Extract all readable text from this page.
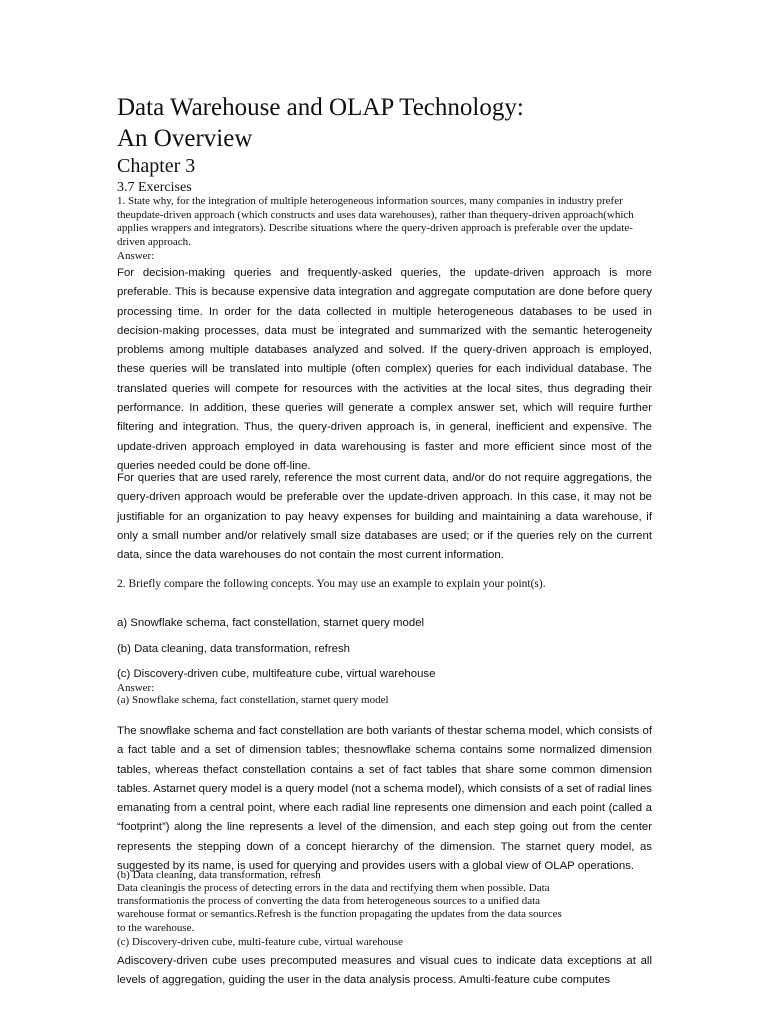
Data Warehouse and OLAP Technology:
An Overview
Chapter 3
3.7 Exercises

1. State why, for the integration of multiple heterogeneous information sources, many companies in industry prefer theupdate-driven approach (which constructs and uses data warehouses), rather than thequery-driven approach(which applies wrappers and integrators). Describe situations where the query-driven approach is preferable over the update-driven approach.

Answer:

For decision-making queries and frequently-asked queries, the update-driven approach is more preferable. This is because expensive data integration and aggregate computation are done before query processing time. In order for the data collected in multiple heterogeneous databases to be used in decision-making processes, data must be integrated and summarized with the semantic heterogeneity problems among multiple databases analyzed and solved. If the query-driven approach is employed, these queries will be translated into multiple (often complex) queries for each individual database. The translated queries will compete for resources with the activities at the local sites, thus degrading their performance. In addition, these queries will generate a complex answer set, which will require further filtering and integration. Thus, the query-driven approach is, in general, inefficient and expensive. The update-driven approach employed in data warehousing is faster and more efficient since most of the queries needed could be done off-line.

For queries that are used rarely, reference the most current data, and/or do not require aggregations, the query-driven approach would be preferable over the update-driven approach. In this case, it may not be justifiable for an organization to pay heavy expenses for building and maintaining a data warehouse, if only a small number and/or relatively small size databases are used; or if the queries rely on the current data, since the data warehouses do not contain the most current information.

2. Briefly compare the following concepts. You may use an example to explain your point(s).

a) Snowflake schema, fact constellation, starnet query model

(b) Data cleaning, data transformation, refresh

(c) Discovery-driven cube, multifeature cube, virtual warehouse

Answer:

(a) Snowflake schema, fact constellation, starnet query model

The snowflake schema and fact constellation are both variants of thestar schema model, which consists of a fact table and a set of dimension tables; thesnowflake schema contains some normalized dimension tables, whereas thefact constellation contains a set of fact tables that share some common dimension tables. Astarnet query model is a query model (not a schema model), which consists of a set of radial lines emanating from a central point, where each radial line represents one dimension and each point (called a “footprint”) along the line represents a level of the dimension, and each step going out from the center represents the stepping down of a concept hierarchy of the dimension. The starnet query model, as suggested by its name, is used for querying and provides users with a global view of OLAP operations.

(b) Data cleaning, data transformation, refresh

Data cleaningis the process of detecting errors in the data and rectifying them when possible. Data

transformationis the process of converting the data from heterogeneous sources to a unified data

warehouse format or semantics.Refresh is the function propagating the updates from the data sources

to the warehouse.

(c) Discovery-driven cube, multi-feature cube, virtual warehouse

Adiscovery-driven cube uses precomputed measures and visual cues to indicate data exceptions at all levels of aggregation, guiding the user in the data analysis process. Amulti-feature cube computes
